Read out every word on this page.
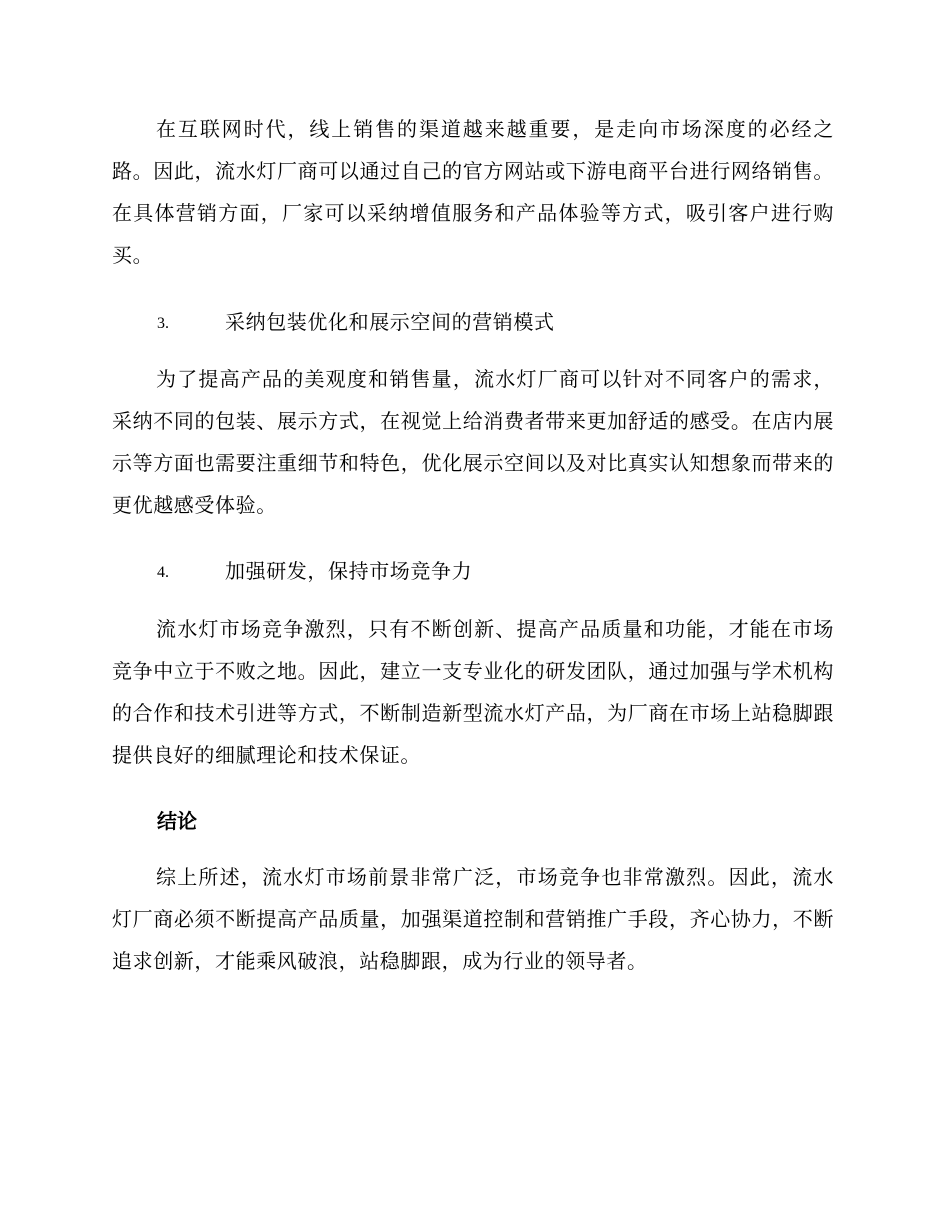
在互联网时代，线上销售的渠道越来越重要，是走向市场深度的必经之路。因此，流水灯厂商可以通过自己的官方网站或下游电商平台进行网络销售。在具体营销方面，厂家可以采纳增值服务和产品体验等方式，吸引客户进行购买。

3.	采纳包装优化和展示空间的营销模式

为了提高产品的美观度和销售量，流水灯厂商可以针对不同客户的需求，采纳不同的包装、展示方式，在视觉上给消费者带来更加舒适的感受。在店内展示等方面也需要注重细节和特色，优化展示空间以及对比真实认知想象而带来的更优越感受体验。

4.	加强研发，保持市场竞争力

流水灯市场竞争激烈，只有不断创新、提高产品质量和功能，才能在市场竞争中立于不败之地。因此，建立一支专业化的研发团队，通过加强与学术机构的合作和技术引进等方式，不断制造新型流水灯产品，为厂商在市场上站稳脚跟提供良好的细腻理论和技术保证。

结论

综上所述，流水灯市场前景非常广泛，市场竞争也非常激烈。因此，流水灯厂商必须不断提高产品质量，加强渠道控制和营销推广手段，齐心协力，不断追求创新，才能乘风破浪，站稳脚跟，成为行业的领导者。
